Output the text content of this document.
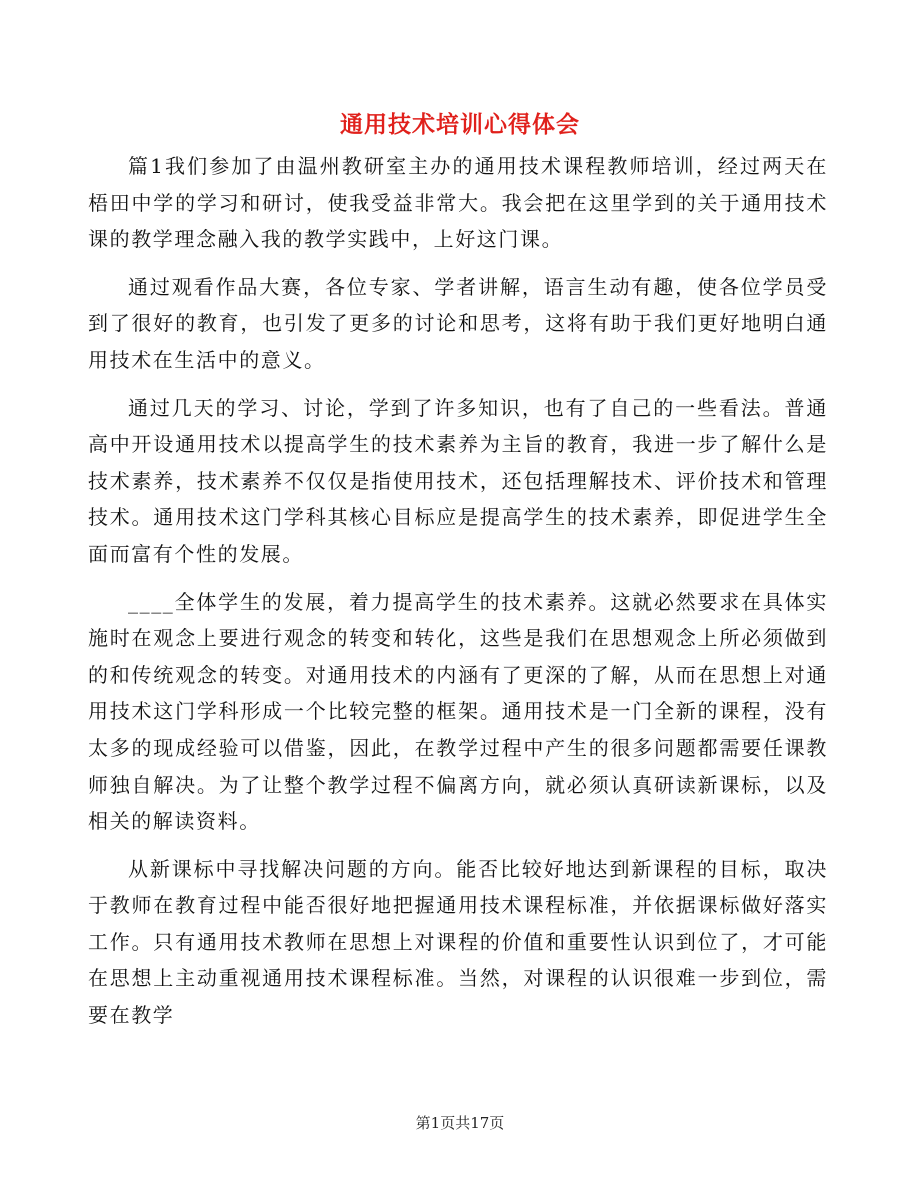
通用技术培训心得体会

篇1我们参加了由温州教研室主办的通用技术课程教师培训，经过两天在梧田中学的学习和研讨，使我受益非常大。我会把在这里学到的关于通用技术课的教学理念融入我的教学实践中，上好这门课。

通过观看作品大赛，各位专家、学者讲解，语言生动有趣，使各位学员受到了很好的教育，也引发了更多的讨论和思考，这将有助于我们更好地明白通用技术在生活中的意义。

通过几天的学习、讨论，学到了许多知识，也有了自己的一些看法。普通高中开设通用技术以提高学生的技术素养为主旨的教育，我进一步了解什么是技术素养，技术素养不仅仅是指使用技术，还包括理解技术、评价技术和管理技术。通用技术这门学科其核心目标应是提高学生的技术素养，即促进学生全面而富有个性的发展。

____全体学生的发展，着力提高学生的技术素养。这就必然要求在具体实施时在观念上要进行观念的转变和转化，这些是我们在思想观念上所必须做到的和传统观念的转变。对通用技术的内涵有了更深的了解，从而在思想上对通用技术这门学科形成一个比较完整的框架。通用技术是一门全新的课程，没有太多的现成经验可以借鉴，因此，在教学过程中产生的很多问题都需要任课教师独自解决。为了让整个教学过程不偏离方向，就必须认真研读新课标，以及相关的解读资料。

从新课标中寻找解决问题的方向。能否比较好地达到新课程的目标，取决于教师在教育过程中能否很好地把握通用技术课程标准，并依据课标做好落实工作。只有通用技术教师在思想上对课程的价值和重要性认识到位了，才可能在思想上主动重视通用技术课程标准。当然，对课程的认识很难一步到位，需要在教学

第1页共17页
